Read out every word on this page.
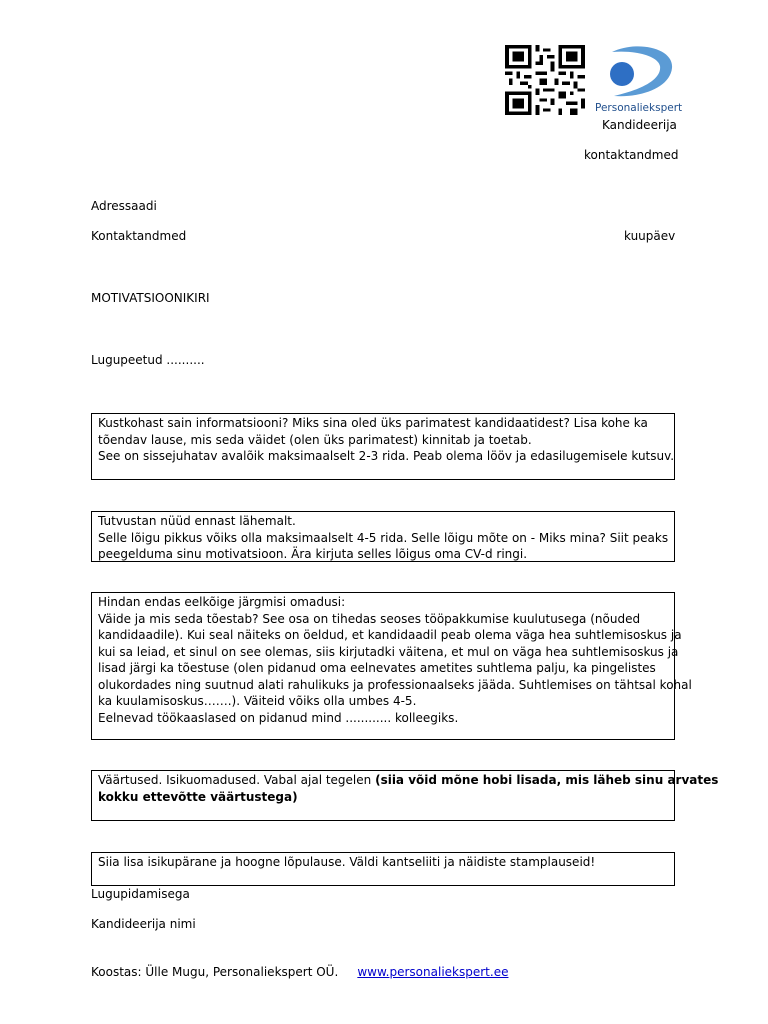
Personaliekspert
Kandideerija
kontaktandmed
Adressaadi
Kontaktandmed	kuupäev
MOTIVATSIOONIKIRI
Lugupeetud ..........
Kustkohast sain informatsiooni? Miks sina oled üks parimatest kandidaatidest? Lisa kohe ka
tõendav lause, mis seda väidet (olen üks parimatest) kinnitab ja toetab.
See on sissejuhatav avalõik maksimaalselt 2-3 rida. Peab olema lööv ja edasilugemisele kutsuv.
Tutvustan nüüd ennast lähemalt.
Selle lõigu pikkus võiks olla maksimaalselt 4-5 rida. Selle lõigu mõte on - Miks mina? Siit peaks
peegelduma sinu motivatsioon. Ära kirjuta selles lõigus oma CV-d ringi.
Hindan endas eelkõige järgmisi omadusi:
Väide ja mis seda tõestab? See osa on tihedas seoses tööpakkumise kuulutusega (nõuded
kandidaadile). Kui seal näiteks on öeldud, et kandidaadil peab olema väga hea suhtlemisoskus ja
kui sa leiad, et sinul on see olemas, siis kirjutadki väitena, et mul on väga hea suhtlemisoskus ja
lisad järgi ka tõestuse (olen pidanud oma eelnevates ametites suhtlema palju, ka pingelistes
olukordades ning suutnud alati rahulikuks ja professionaalseks jääda. Suhtlemises on tähtsal kohal
ka kuulamisoskus…….). Väiteid võiks olla umbes 4-5.
Eelnevad töökaaslased on pidanud mind ............ kolleegiks.
Väärtused. Isikuomadused. Vabal ajal tegelen (siia võid mõne hobi lisada, mis läheb sinu arvates
kokku ettevõtte väärtustega)
Siia lisa isikupärane ja hoogne lõpulause. Väldi kantseliiti ja näidiste stamplauseid!
Lugupidamisega
Kandideerija nimi
Koostas: Ülle Mugu, Personaliekspert OÜ. www.personaliekspert.ee
